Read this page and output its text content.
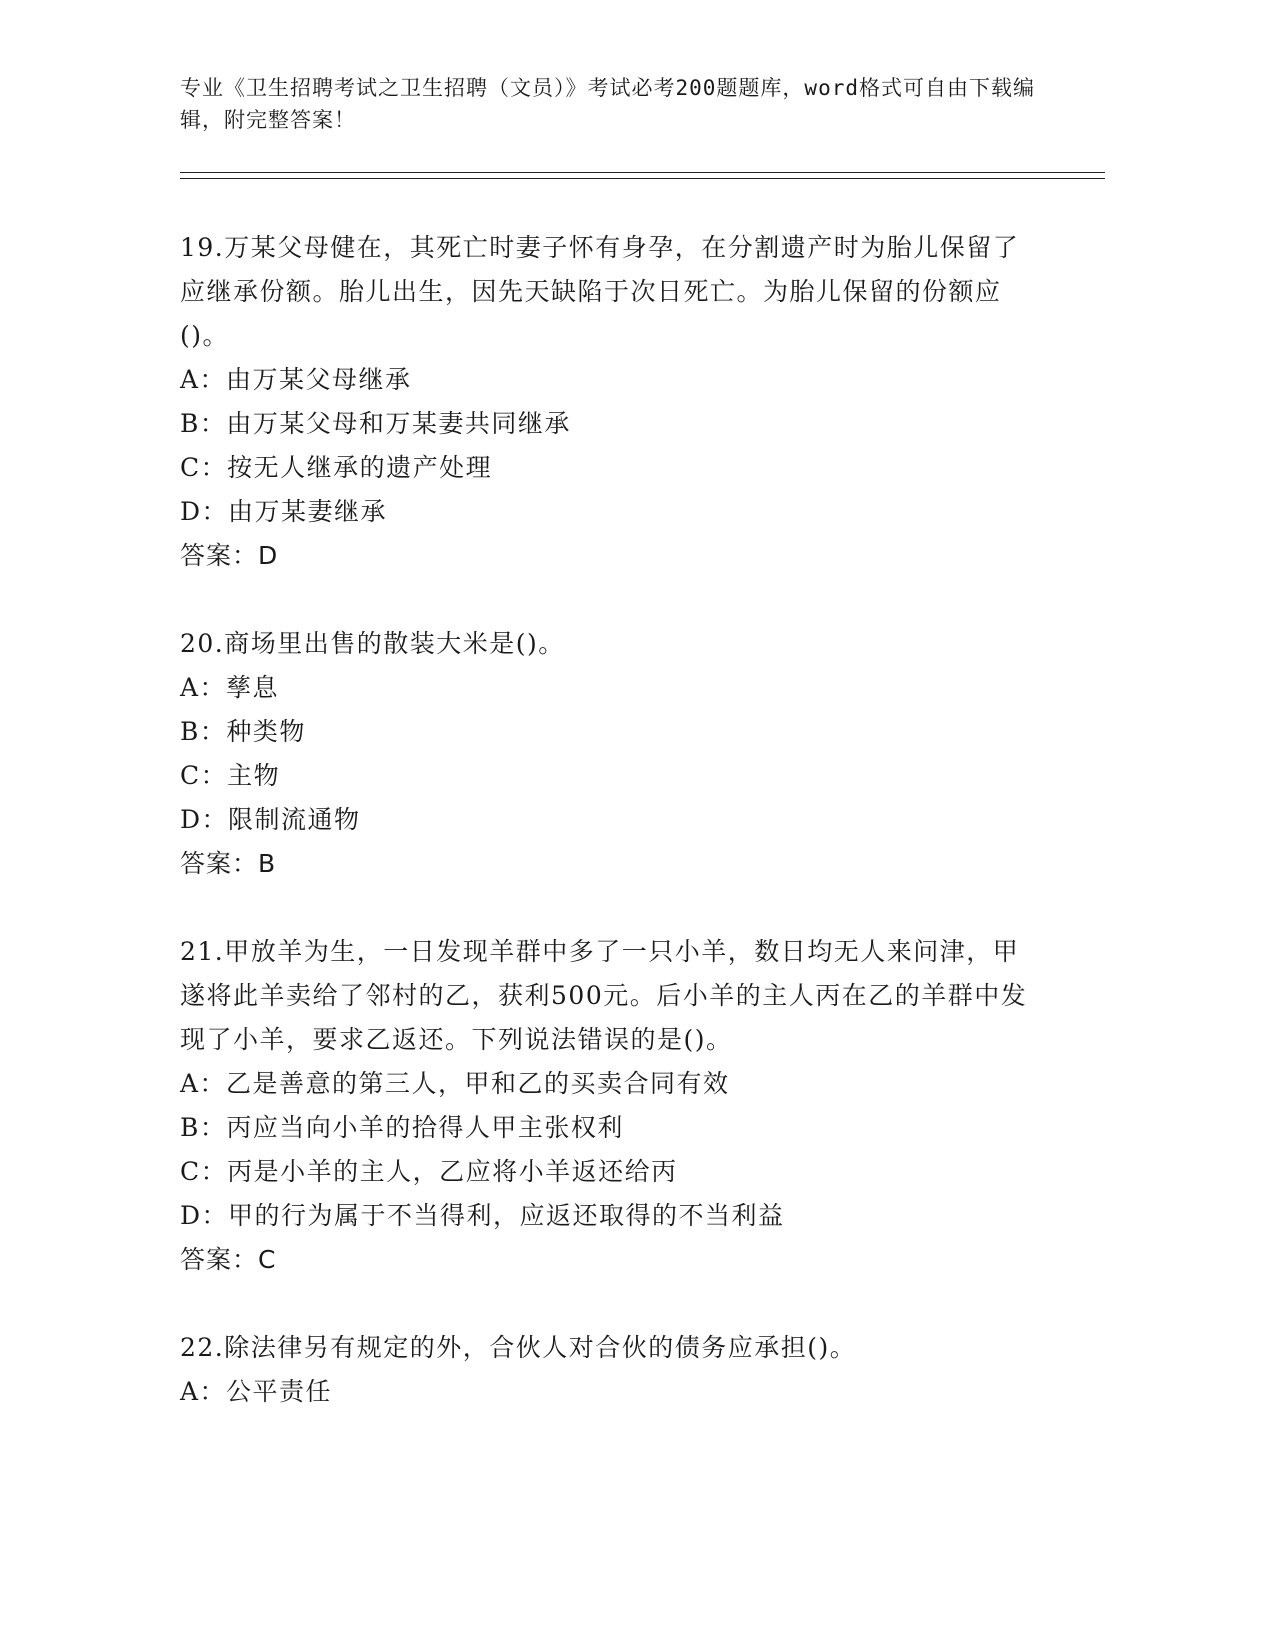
专业《卫生招聘考试之卫生招聘（文员）》考试必考200题题库，word格式可自由下载编辑，附完整答案！

19.万某父母健在，其死亡时妻子怀有身孕，在分割遗产时为胎儿保留了应继承份额。胎儿出生，因先天缺陷于次日死亡。为胎儿保留的份额应()。

A：由万某父母继承

B：由万某父母和万某妻共同继承

C：按无人继承的遗产处理

D：由万某妻继承

答案：D

20.商场里出售的散装大米是()。

A：孳息

B：种类物

C：主物

D：限制流通物

答案：B

21.甲放羊为生，一日发现羊群中多了一只小羊，数日均无人来问津，甲遂将此羊卖给了邻村的乙，获利500元。后小羊的主人丙在乙的羊群中发现了小羊，要求乙返还。下列说法错误的是()。

A：乙是善意的第三人，甲和乙的买卖合同有效

B：丙应当向小羊的拾得人甲主张权利

C：丙是小羊的主人，乙应将小羊返还给丙

D：甲的行为属于不当得利，应返还取得的不当利益

答案：C

22.除法律另有规定的外，合伙人对合伙的债务应承担()。

A：公平责任
